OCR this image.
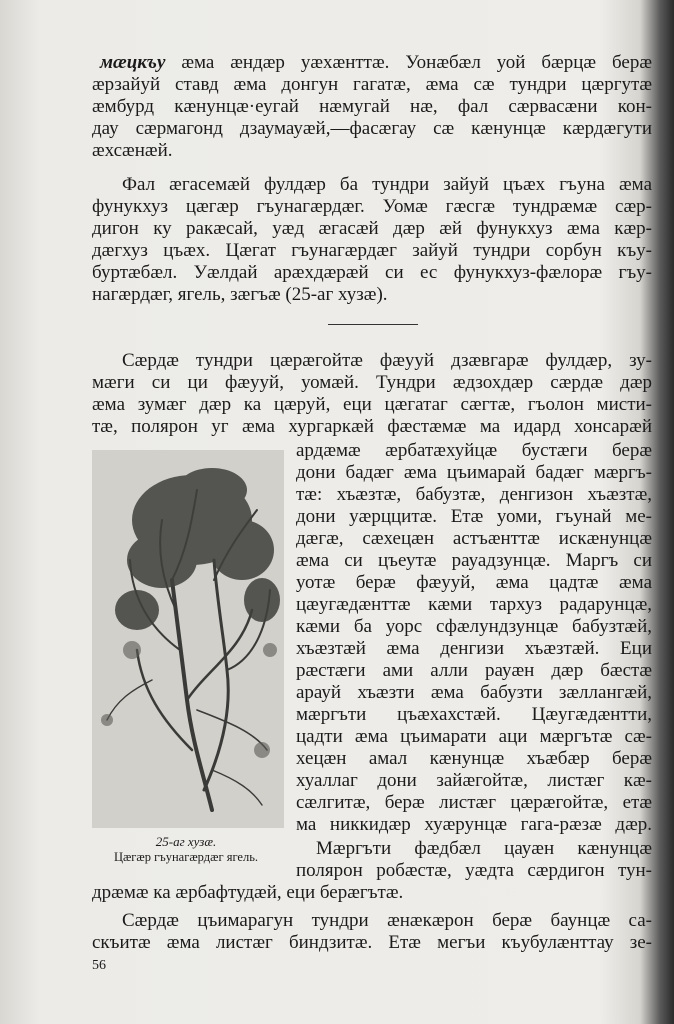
мæцкъу æма æндæр уæхæнттæ. Уонæбæл уой бæрцæ берæ
æрзайуй ставд æма донгун гагатæ, æма сæ тундри цæргутæ
æмбурд кæнунцæ·еугай нæмугай нæ, фал сæрвасæни кон-
дау сæрмагонд дзаумауæй,—фасæгау сæ кæнунцæ кæрдæгути
æхсæнæй.
Фал æгасемæй фулдæр ба тундри зайуй цъæх гъуна æма
фунукхуз цæгæр гъунагæрдæг. Уомæ гæсгæ тундрæмæ сæр-
дигон ку ракæсай, уæд æгасæй дæр æй фунукхуз æма кæр-
дæгхуз цъæх. Цæгат гъунагæрдæг зайуй тундри сорбун къу-
буртæбæл. Уæлдай арæхдæрæй си ес фунукхуз-фæлорæ гъу-
нагæрдæг, ягель, зæгъæ (25-аг хузæ).
Сæрдæ тундри цæрæгойтæ фæууй дзæвгарæ фулдæр, зу-
мæги си ци фæууй, уомæй. Тундри æдзохдæр сæрдæ дæр
æма зумæг дæр ка цæруй, еци цæгатаг сæгтæ, гъолон мисти-
тæ, полярон уг æма хургаркæй фæстæмæ ма идард хонсарæй
ардæмæ æрбатæхуйцæ бустæги берæ
дони бадæг æма цъимарай бадæг мæргъ-
тæ: хъæзтæ, бабузтæ, денгизон хъæзтæ,
дони уæрццитæ. Етæ уоми, гъунай ме-
дæгæ, сæхецæн астъæнттæ искæнунцæ
æма си цъеутæ рауадзунцæ. Маргъ си
уотæ берæ фæууй, æма цадтæ æма
цæугæдæнттæ кæми тархуз радарунцæ,
кæми ба уорс сфæлундзунцæ бабузтæй,
хъæзтæй æма денгизи хъæзтæй. Еци
рæстæги ами алли рауæн дæр бæстæ
арауй хъæзти æма бабузти зæллангæй,
мæргъти цъæхахстæй. Цæугæдæнтти,
цадти æма цъимарати аци мæргътæ сæ-
хецæн амал кæнунцæ хъæбæр берæ
хуаллаг дони зайæгойтæ, листæг кæ-
сæлгитæ, берæ листæг цæрæгойтæ, етæ
ма никкидæр хуæрунцæ гага-рæзæ дæр.
Мæргъти фæдбæл цауæн кæнунцæ
полярон робæстæ, уæдта сæрдигон тун-
дрæмæ ка æрбафтудæй, еци берæгътæ.
Сæрдæ цъимарагун тундри æнæкæрон берæ баунцæ са-
скъитæ æма листæг биндзитæ. Етæ мегъи къубулæнттау зе-
25-аг хузæ.
Цæгæр гъунагæрдæг ягель.
56
